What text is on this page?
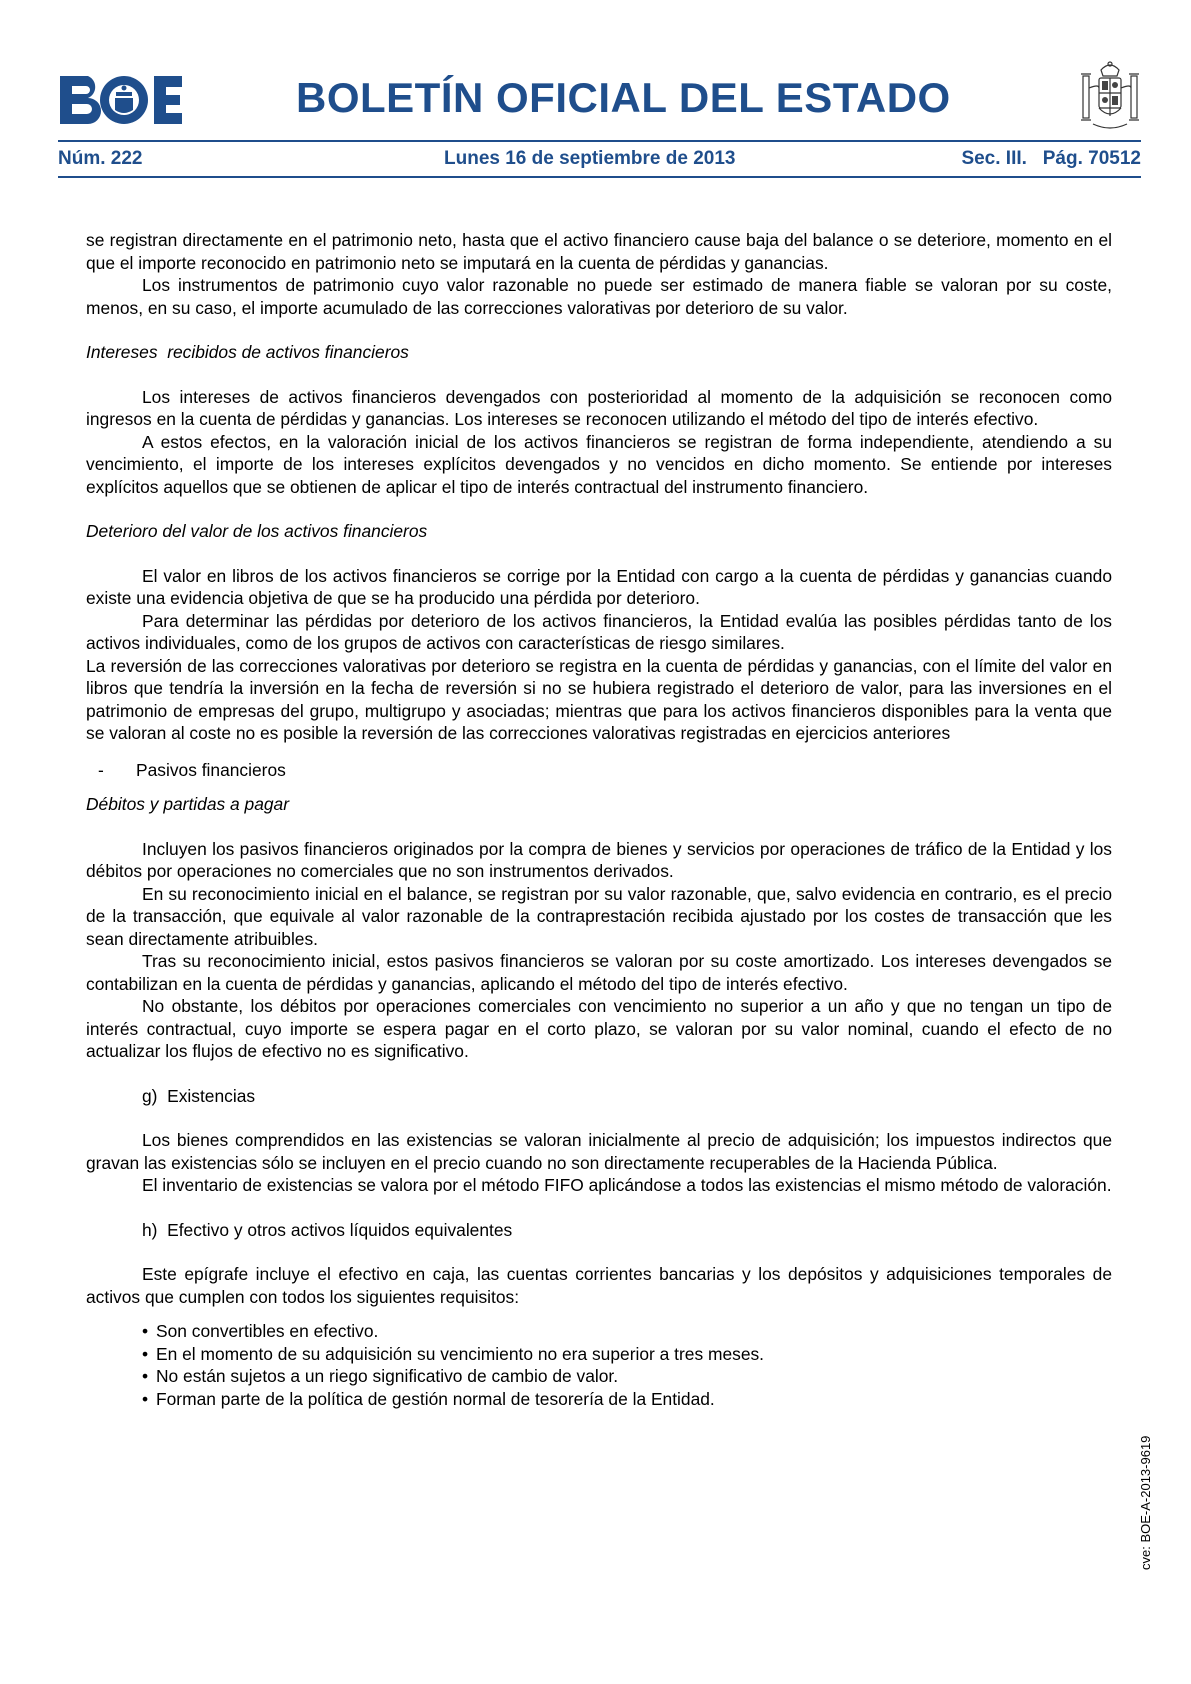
BOLETÍN OFICIAL DEL ESTADO
Núm. 222	Lunes 16 de septiembre de 2013	Sec. III.   Pág. 70512

se registran directamente en el patrimonio neto, hasta que el activo financiero cause baja del balance o se deteriore, momento en el que el importe reconocido en patrimonio neto se imputará en la cuenta de pérdidas y ganancias.

Los instrumentos de patrimonio cuyo valor razonable no puede ser estimado de manera fiable se valoran por su coste, menos, en su caso, el importe acumulado de las correcciones valorativas por deterioro de su valor.

Intereses  recibidos de activos financieros

Los intereses de activos financieros devengados con posterioridad al momento de la adquisición se reconocen como ingresos en la cuenta de pérdidas y ganancias. Los intereses se reconocen utilizando el método del tipo de interés efectivo.

A estos efectos, en la valoración inicial de los activos financieros se registran de forma independiente, atendiendo a su vencimiento, el importe de los intereses explícitos devengados y no vencidos en dicho momento. Se entiende por intereses explícitos aquellos que se obtienen de aplicar el tipo de interés contractual del instrumento financiero.

Deterioro del valor de los activos financieros

El valor en libros de los activos financieros se corrige por la Entidad con cargo a la cuenta de pérdidas y ganancias cuando existe una evidencia objetiva de que se ha producido una pérdida por deterioro.

Para determinar las pérdidas por deterioro de los activos financieros, la Entidad evalúa las posibles pérdidas tanto de los activos individuales, como de los grupos de activos con características de riesgo similares.

La reversión de las correcciones valorativas por deterioro se registra en la cuenta de pérdidas y ganancias, con el límite del valor en libros que tendría la inversión en la fecha de reversión si no se hubiera registrado el deterioro de valor, para las inversiones en el patrimonio de empresas del grupo, multigrupo y asociadas; mientras que para los activos financieros disponibles para la venta que se valoran al coste no es posible la reversión de las correcciones valorativas registradas en ejercicios anteriores

- Pasivos financieros

Débitos y partidas a pagar

Incluyen los pasivos financieros originados por la compra de bienes y servicios por operaciones de tráfico de la Entidad y los débitos por operaciones no comerciales que no son instrumentos derivados.

En su reconocimiento inicial en el balance, se registran por su valor razonable, que, salvo evidencia en contrario, es el precio de la transacción, que equivale al valor razonable de la contraprestación recibida ajustado por los costes de transacción que les sean directamente atribuibles.

Tras su reconocimiento inicial, estos pasivos financieros se valoran por su coste amortizado. Los intereses devengados se contabilizan en la cuenta de pérdidas y ganancias, aplicando el método del tipo de interés efectivo.

No obstante, los débitos por operaciones comerciales con vencimiento no superior a un año y que no tengan un tipo de interés contractual, cuyo importe se espera pagar en el corto plazo, se valoran por su valor nominal, cuando el efecto de no actualizar los flujos de efectivo no es significativo.

g)  Existencias

Los bienes comprendidos en las existencias se valoran inicialmente al precio de adquisición; los impuestos indirectos que gravan las existencias sólo se incluyen en el precio cuando no son directamente recuperables de la Hacienda Pública.

El inventario de existencias se valora por el método FIFO aplicándose a todos las existencias el mismo método de valoración.

h)  Efectivo y otros activos líquidos equivalentes

Este epígrafe incluye el efectivo en caja, las cuentas corrientes bancarias y los depósitos y adquisiciones temporales de activos que cumplen con todos los siguientes requisitos:

• Son convertibles en efectivo.
• En el momento de su adquisición su vencimiento no era superior a tres meses.
• No están sujetos a un riego significativo de cambio de valor.
• Forman parte de la política de gestión normal de tesorería de la Entidad.
cve: BOE-A-2013-9619
